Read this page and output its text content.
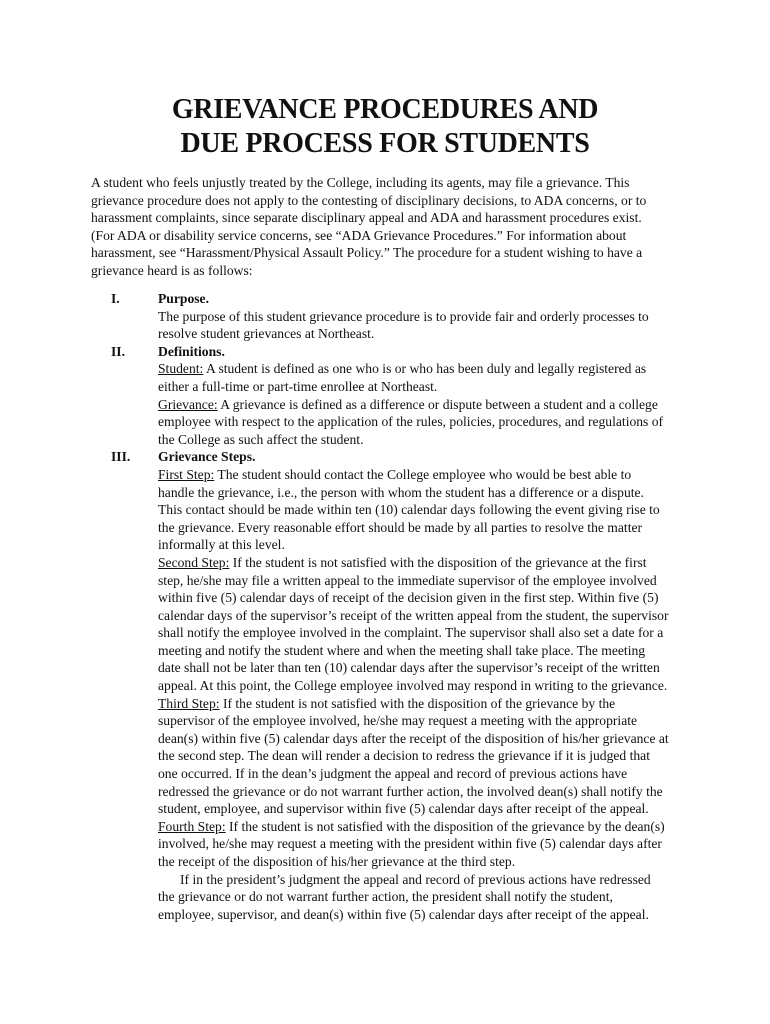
GRIEVANCE PROCEDURES AND
DUE PROCESS FOR STUDENTS
A student who feels unjustly treated by the College, including its agents, may file a grievance. This
grievance procedure does not apply to the contesting of disciplinary decisions, to ADA concerns, or to
harassment complaints, since separate disciplinary appeal and ADA and harassment procedures exist.
(For ADA or disability service concerns, see “ADA Grievance Procedures.” For information about
harassment, see “Harassment/Physical Assault Policy.” The procedure for a student wishing to have a
grievance heard is as follows:
I.	Purpose.
The purpose of this student grievance procedure is to provide fair and orderly processes to
resolve student grievances at Northeast.
II. Definitions.
Student: A student is defined as one who is or who has been duly and legally registered as
either a full-time or part-time enrollee at Northeast.
Grievance: A grievance is defined as a difference or dispute between a student and a college
employee with respect to the application of the rules, policies, procedures, and regulations of
the College as such affect the student.
III. Grievance Steps.
First Step: The student should contact the College employee who would be best able to
handle the grievance, i.e., the person with whom the student has a difference or a dispute.
This contact should be made within ten (10) calendar days following the event giving rise to
the grievance. Every reasonable effort should be made by all parties to resolve the matter
informally at this level.
Second Step: If the student is not satisfied with the disposition of the grievance at the first
step, he/she may file a written appeal to the immediate supervisor of the employee involved
within five (5) calendar days of receipt of the decision given in the first step. Within five (5)
calendar days of the supervisor’s receipt of the written appeal from the student, the supervisor
shall notify the employee involved in the complaint. The supervisor shall also set a date for a
meeting and notify the student where and when the meeting shall take place. The meeting
date shall not be later than ten (10) calendar days after the supervisor’s receipt of the written
appeal. At this point, the College employee involved may respond in writing to the grievance.
Third Step: If the student is not satisfied with the disposition of the grievance by the
supervisor of the employee involved, he/she may request a meeting with the appropriate
dean(s) within five (5) calendar days after the receipt of the disposition of his/her grievance at
the second step. The dean will render a decision to redress the grievance if it is judged that
one occurred. If in the dean’s judgment the appeal and record of previous actions have
redressed the grievance or do not warrant further action, the involved dean(s) shall notify the
student, employee, and supervisor within five (5) calendar days after receipt of the appeal.
Fourth Step: If the student is not satisfied with the disposition of the grievance by the dean(s)
involved, he/she may request a meeting with the president within five (5) calendar days after
the receipt of the disposition of his/her grievance at the third step.
If in the president’s judgment the appeal and record of previous actions have redressed
the grievance or do not warrant further action, the president shall notify the student,
employee, supervisor, and dean(s) within five (5) calendar days after receipt of the appeal.
